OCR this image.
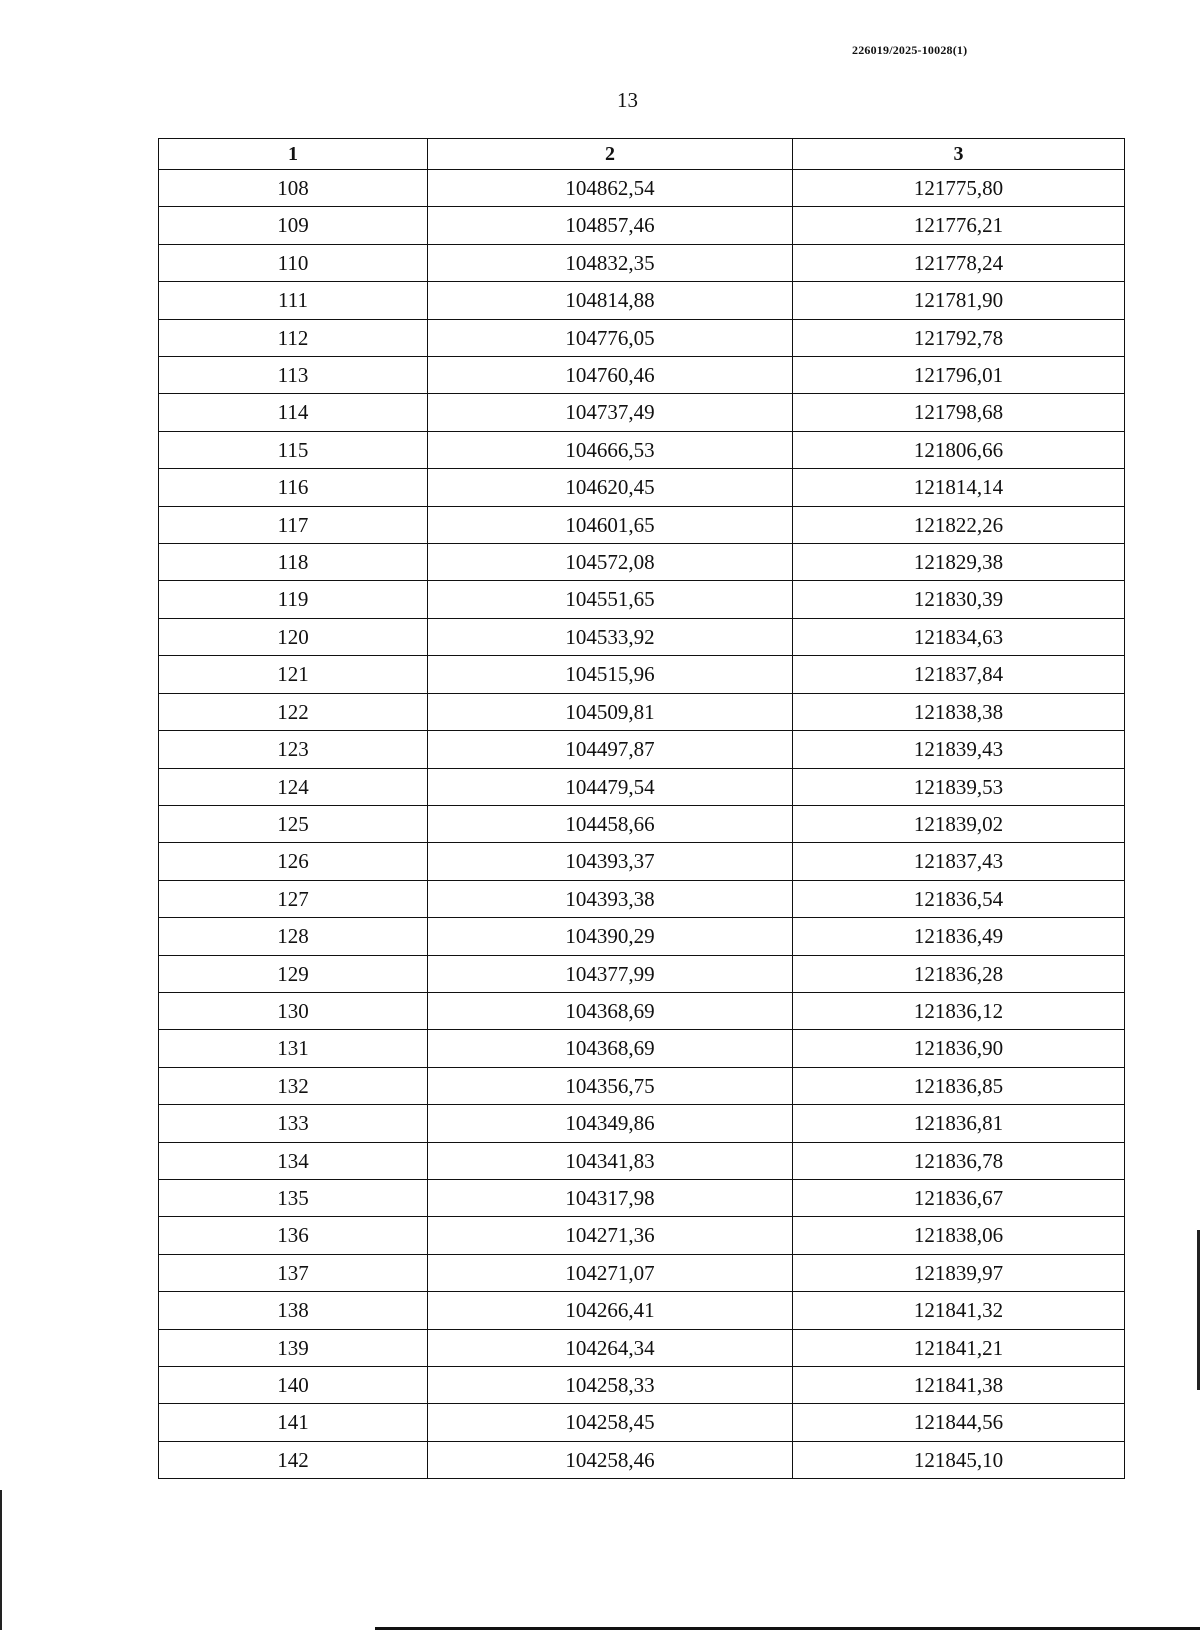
226019/2025-10028(1)
13
1	2	3
108	104862,54	121775,80
109	104857,46	121776,21
110	104832,35	121778,24
111	104814,88	121781,90
112	104776,05	121792,78
113	104760,46	121796,01
114	104737,49	121798,68
115	104666,53	121806,66
116	104620,45	121814,14
117	104601,65	121822,26
118	104572,08	121829,38
119	104551,65	121830,39
120	104533,92	121834,63
121	104515,96	121837,84
122	104509,81	121838,38
123	104497,87	121839,43
124	104479,54	121839,53
125	104458,66	121839,02
126	104393,37	121837,43
127	104393,38	121836,54
128	104390,29	121836,49
129	104377,99	121836,28
130	104368,69	121836,12
131	104368,69	121836,90
132	104356,75	121836,85
133	104349,86	121836,81
134	104341,83	121836,78
135	104317,98	121836,67
136	104271,36	121838,06
137	104271,07	121839,97
138	104266,41	121841,32
139	104264,34	121841,21
140	104258,33	121841,38
141	104258,45	121844,56
142	104258,46	121845,10
